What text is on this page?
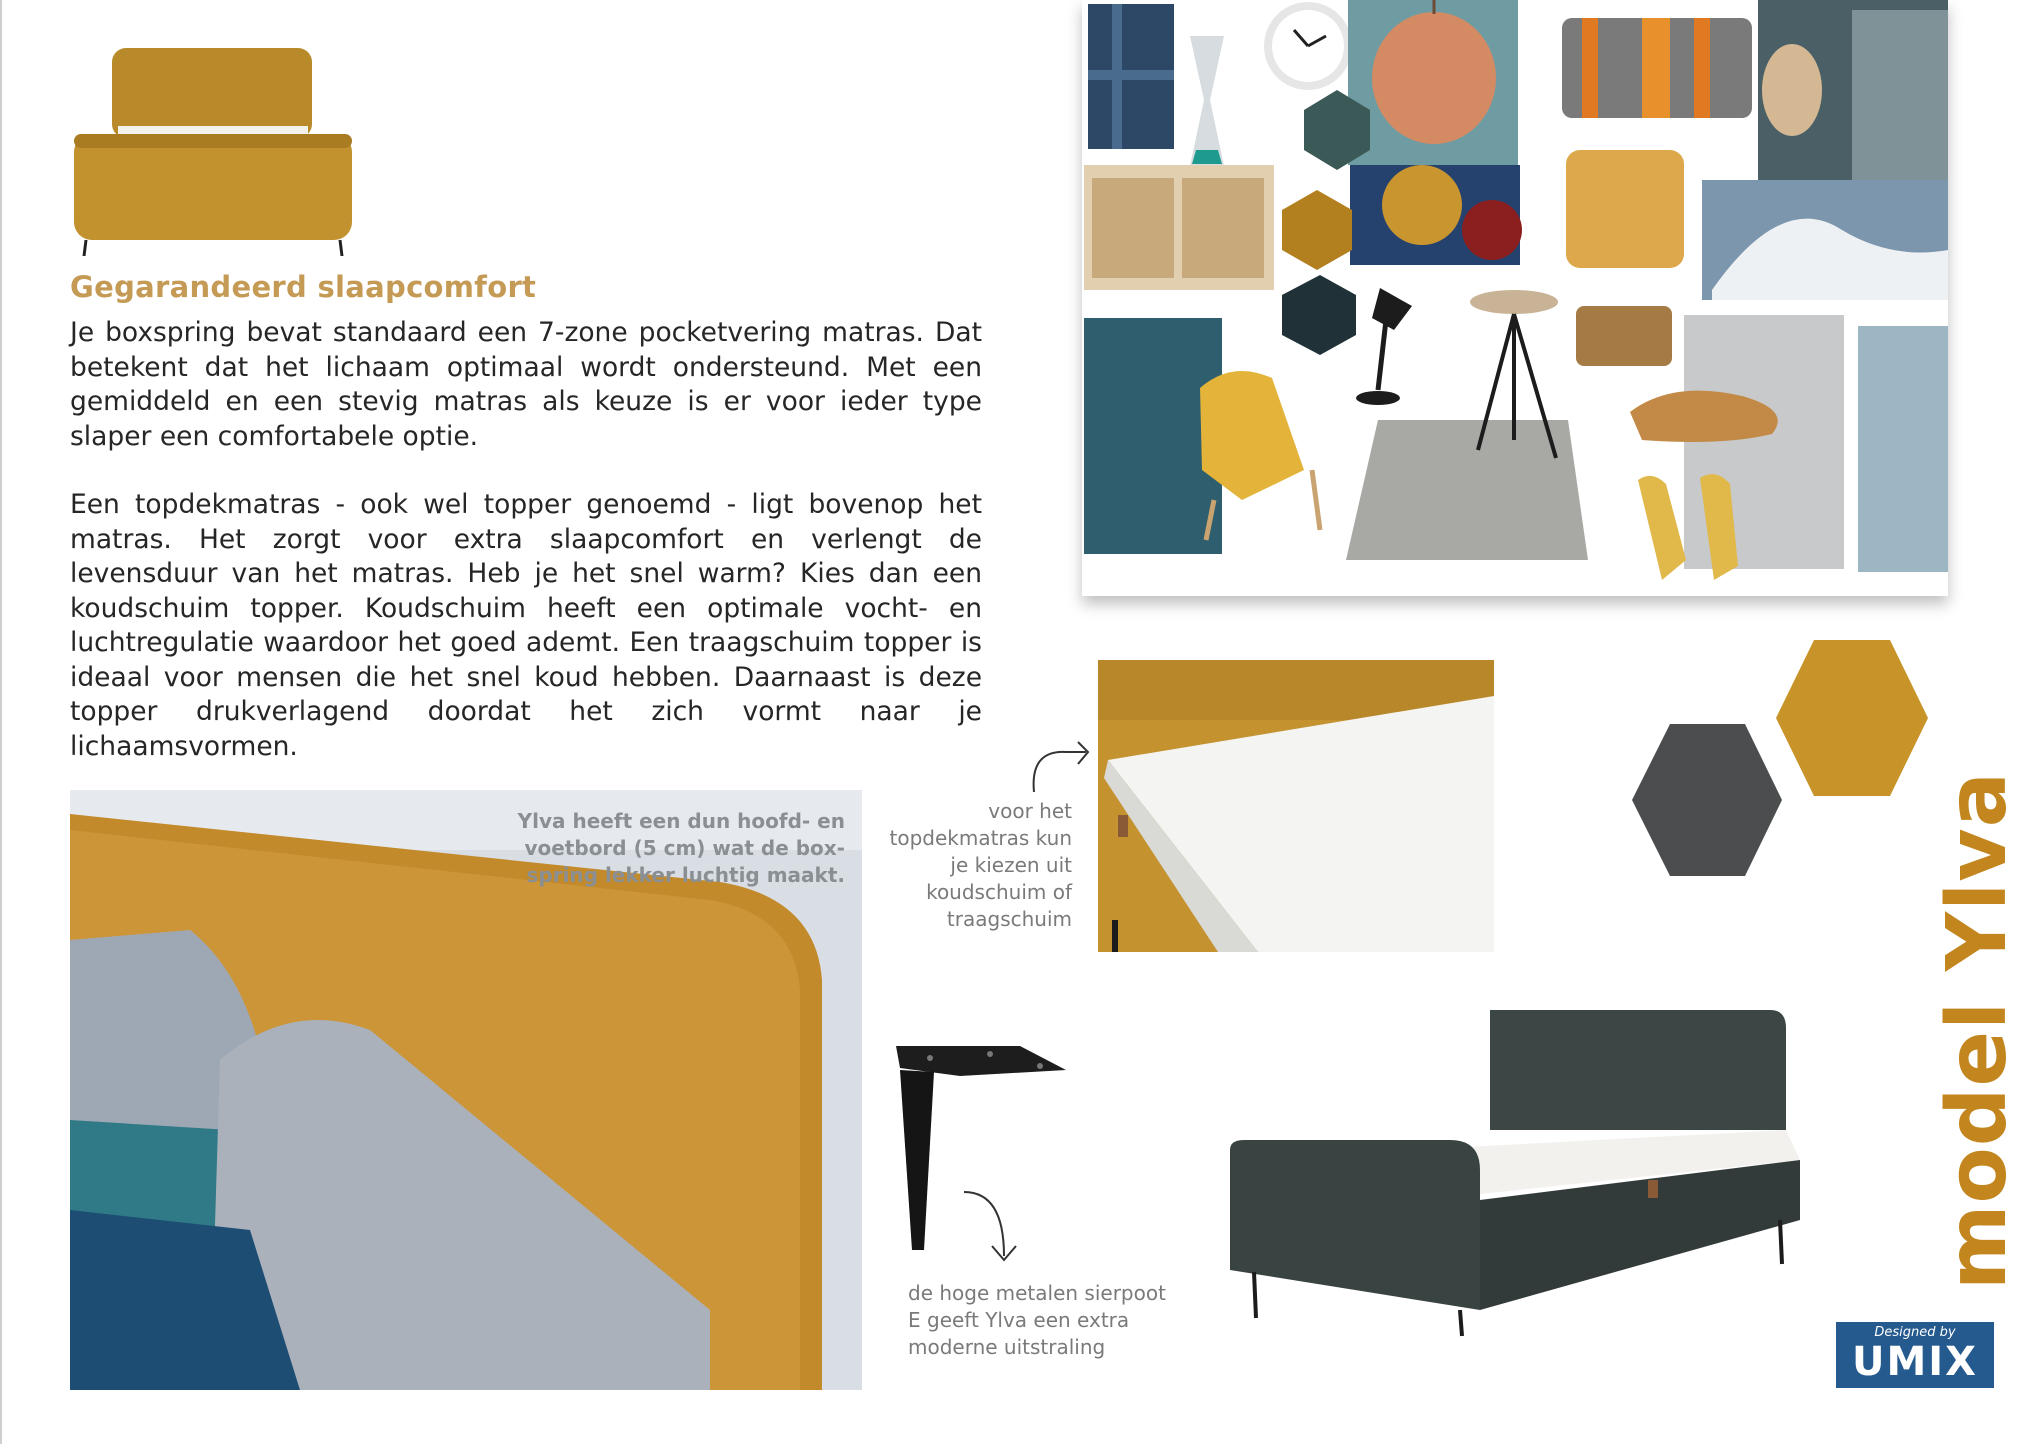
Gegarandeerd slaapcomfort
Je boxspring bevat standaard een 7-zone pocketvering matras. Dat betekent dat het lichaam optimaal wordt ondersteund. Met een gemiddeld en een stevig matras als keuze is er voor ieder type slaper een comfortabele optie.
Een topdekmatras - ook wel topper genoemd - ligt bovenop het matras. Het zorgt voor extra slaapcomfort en verlengt de levensduur van het matras. Heb je het snel warm? Kies dan een koudschuim topper. Koudschuim heeft een optimale vocht- en luchtregulatie waardoor het goed ademt. Een traagschuim topper is ideaal voor mensen die het snel koud hebben. Daarnaast is deze topper drukverlagend doordat het zich vormt naar je lichaamsvormen.
Ylva heeft een dun hoofd- en voetbord (5 cm) wat de box-spring lekker luchtig maakt.
voor het topdekmatras kun je kiezen uit koudschuim of traagschuim
de hoge metalen sierpoot E geeft Ylva een extra moderne uitstraling
model Ylva
Designed by
UMIX
